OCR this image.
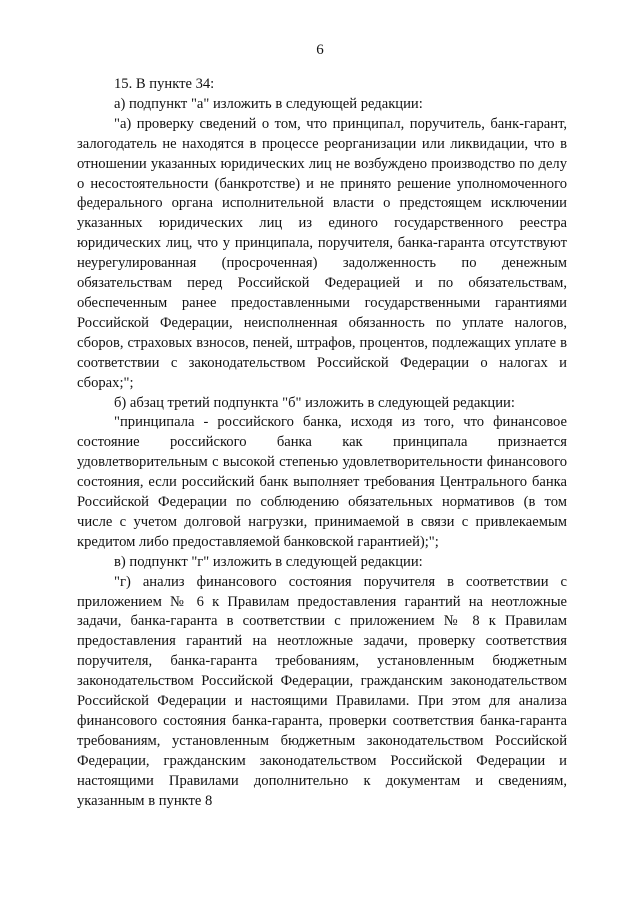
6

15. В пункте 34:

а) подпункт "а" изложить в следующей редакции:

"а) проверку сведений о том, что принципал, поручитель, банк-гарант, залогодатель не находятся в процессе реорганизации или ликвидации, что в отношении указанных юридических лиц не возбуждено производство по делу о несостоятельности (банкротстве) и не принято решение уполномоченного федерального органа исполнительной власти о предстоящем исключении указанных юридических лиц из единого государственного реестра юридических лиц, что у принципала, поручителя, банка-гаранта отсутствуют неурегулированная (просроченная) задолженность по денежным обязательствам перед Российской Федерацией и по обязательствам, обеспеченным ранее предоставленными государственными гарантиями Российской Федерации, неисполненная обязанность по уплате налогов, сборов, страховых взносов, пеней, штрафов, процентов, подлежащих уплате в соответствии с законодательством Российской Федерации о налогах и сборах;";

б) абзац третий подпункта "б" изложить в следующей редакции:

"принципала - российского банка, исходя из того, что финансовое состояние российского банка как принципала признается удовлетворительным с высокой степенью удовлетворительности финансового состояния, если российский банк выполняет требования Центрального банка Российской Федерации по соблюдению обязательных нормативов (в том числе с учетом долговой нагрузки, принимаемой в связи с привлекаемым кредитом либо предоставляемой банковской гарантией);";

в) подпункт "г" изложить в следующей редакции:

"г) анализ финансового состояния поручителя в соответствии с приложением № 6 к Правилам предоставления гарантий на неотложные задачи, банка-гаранта в соответствии с приложением № 8 к Правилам предоставления гарантий на неотложные задачи, проверку соответствия поручителя, банка-гаранта требованиям, установленным бюджетным законодательством Российской Федерации, гражданским законодательством Российской Федерации и настоящими Правилами. При этом для анализа финансового состояния банка-гаранта, проверки соответствия банка-гаранта требованиям, установленным бюджетным законодательством Российской Федерации, гражданским законодательством Российской Федерации и настоящими Правилами дополнительно к документам и сведениям, указанным в пункте 8
